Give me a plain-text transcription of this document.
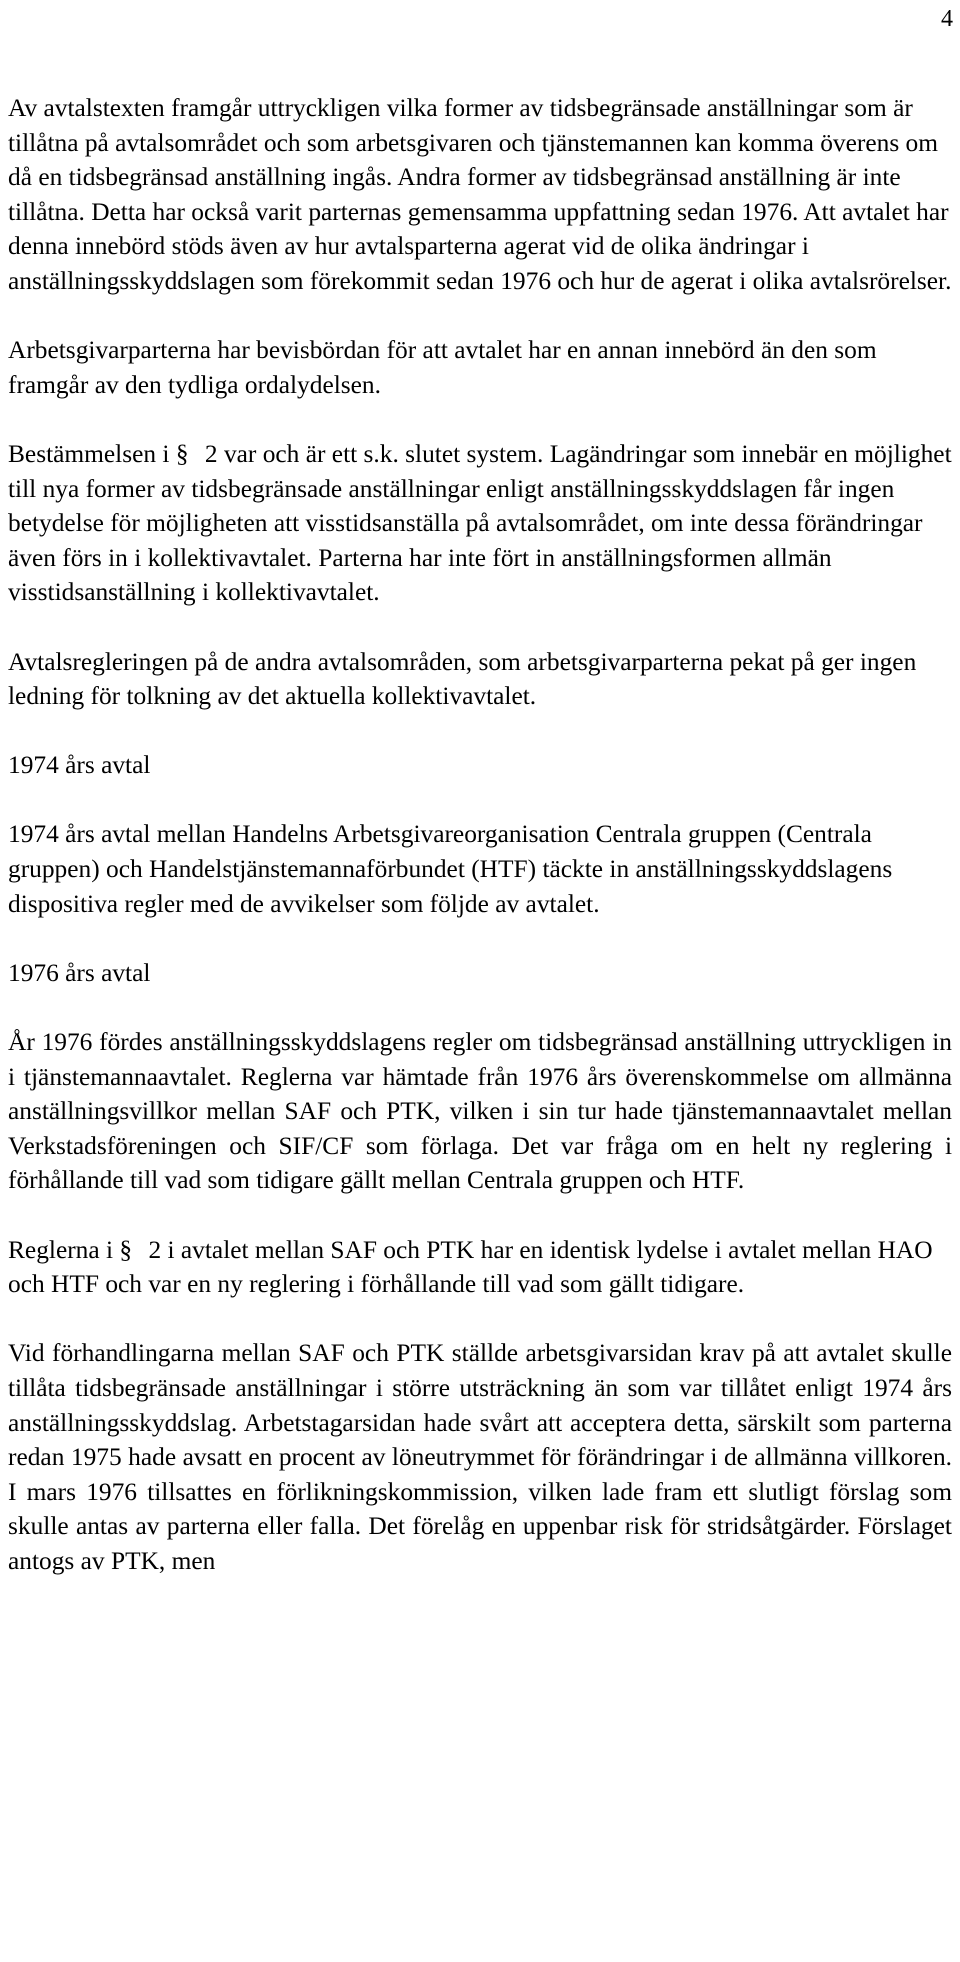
4

Av avtalstexten framgår uttryckligen vilka former av tidsbegränsade anställningar som är tillåtna på avtalsområdet och som arbetsgivaren och tjänstemannen kan komma överens om då en tidsbegränsad anställning ingås. Andra former av tidsbegränsad anställning är inte tillåtna. Detta har också varit parternas gemensamma uppfattning sedan 1976. Att avtalet har denna innebörd stöds även av hur avtalsparterna agerat vid de olika ändringar i anställningsskyddslagen som förekommit sedan 1976 och hur de agerat i olika avtalsrörelser.

Arbetsgivarparterna har bevisbördan för att avtalet har en annan innebörd än den som framgår av den tydliga ordalydelsen.

Bestämmelsen i § 2 var och är ett s.k. slutet system. Lagändringar som innebär en möjlighet till nya former av tidsbegränsade anställningar enligt anställningsskyddslagen får ingen betydelse för möjligheten att visstidsanställa på avtalsområdet, om inte dessa förändringar även förs in i kollektivavtalet. Parterna har inte fört in anställningsformen allmän visstidsanställning i kollektivavtalet.

Avtalsregleringen på de andra avtalsområden, som arbetsgivarparterna pekat på ger ingen ledning för tolkning av det aktuella kollektivavtalet.

1974 års avtal

1974 års avtal mellan Handelns Arbetsgivareorganisation Centrala gruppen (Centrala gruppen) och Handelstjänstemannaförbundet (HTF) täckte in anställningsskyddslagens dispositiva regler med de avvikelser som följde av avtalet.

1976 års avtal

År 1976 fördes anställningsskyddslagens regler om tidsbegränsad anställning uttryckligen in i tjänstemannaavtalet. Reglerna var hämtade från 1976 års överenskommelse om allmänna anställningsvillkor mellan SAF och PTK, vilken i sin tur hade tjänstemannaavtalet mellan Verkstadsföreningen och SIF/CF som förlaga. Det var fråga om en helt ny reglering i förhållande till vad som tidigare gällt mellan Centrala gruppen och HTF.

Reglerna i § 2 i avtalet mellan SAF och PTK har en identisk lydelse i avtalet mellan HAO och HTF och var en ny reglering i förhållande till vad som gällt tidigare.

Vid förhandlingarna mellan SAF och PTK ställde arbetsgivarsidan krav på att avtalet skulle tillåta tidsbegränsade anställningar i större utsträckning än som var tillåtet enligt 1974 års anställningsskyddslag. Arbetstagarsidan hade svårt att acceptera detta, särskilt som parterna redan 1975 hade avsatt en procent av löneutrymmet för förändringar i de allmänna villkoren. I mars 1976 tillsattes en förlikningskommission, vilken lade fram ett slutligt förslag som skulle antas av parterna eller falla. Det förelåg en uppenbar risk för stridsåtgärder. Förslaget antogs av PTK, men
